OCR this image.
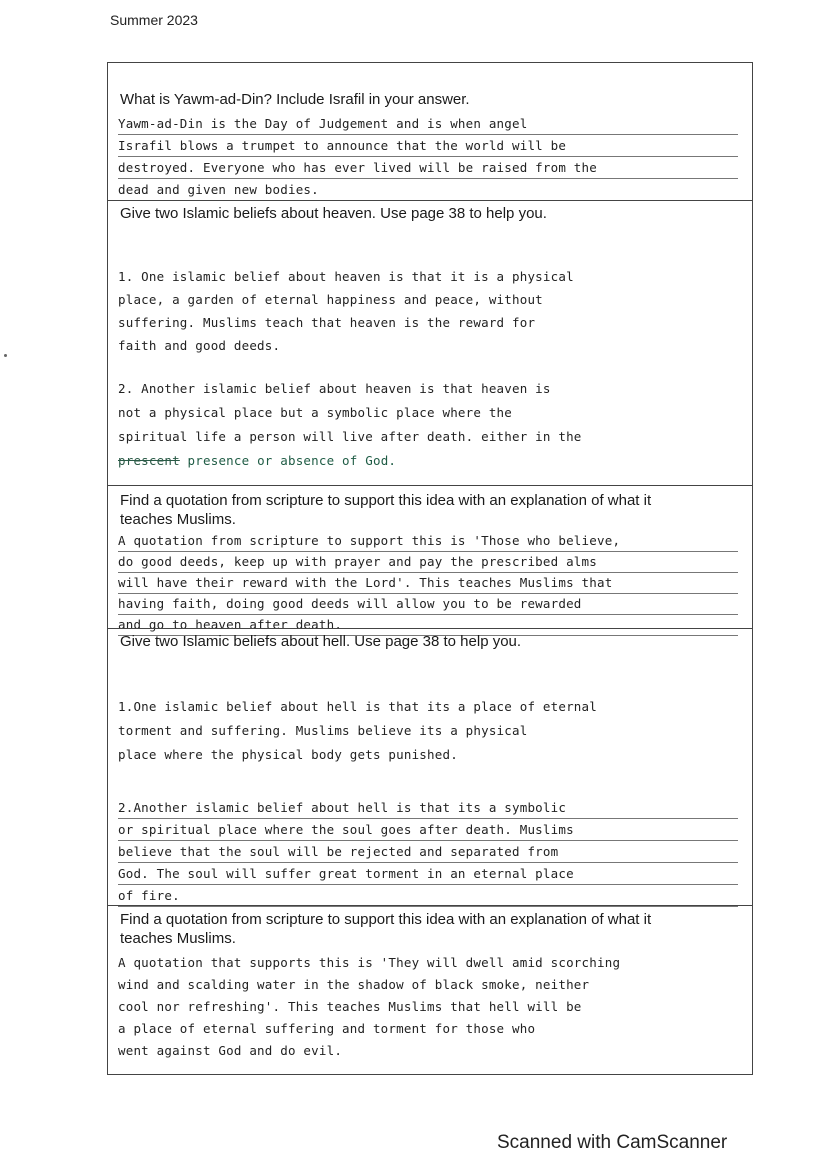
Summer 2023
What is Yawm-ad-Din? Include Israfil in your answer.
Yawm-ad-Din is the Day of Judgement and is when angel
Israfil blows a trumpet to announce that the world will be
destroyed. Everyone who has ever lived will be raised from the
dead and given new bodies.
Give two Islamic beliefs about heaven. Use page 38 to help you.
1. One islamic belief about heaven is that it is a physical
place, a garden of eternal happiness and peace, without
suffering. Muslims teach that heaven is the reward for
faith and good deeds.
2. Another islamic belief about heaven is that heaven is
not a physical place but a symbolic place where the
spiritual life a person will live after death. either in the
prescent presence or absence of God.
Find a quotation from scripture to support this idea with an explanation of what it
teaches Muslims.
A quotation from scripture to support this is 'Those who believe,
do good deeds, keep up with prayer and pay the prescribed alms
will have their reward with the Lord'. This teaches Muslims that
having faith, doing good deeds will allow you to be rewarded
and go to heaven after death.
Give two Islamic beliefs about hell. Use page 38 to help you.
1.One islamic belief about hell is that its a place of eternal
torment and suffering. Muslims believe its a physical
place where the physical body gets punished.
2.Another islamic belief about hell is that its a symbolic
or spiritual place where the soul goes after death. Muslims
believe that the soul will be rejected and separated from
God. The soul will suffer great torment in an eternal place
of fire.
Find a quotation from scripture to support this idea with an explanation of what it
teaches Muslims.
A quotation that supports this is 'They will dwell amid scorching
wind and scalding water in the shadow of black smoke, neither
cool nor refreshing'. This teaches Muslims that hell will be
a place of eternal suffering and torment for those who
went against God and do evil.
Scanned with CamScanner
